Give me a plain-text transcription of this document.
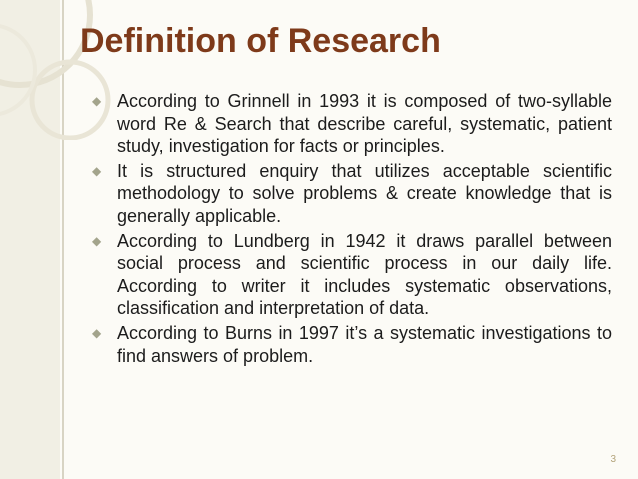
Definition of Research
◆ According to Grinnell in 1993 it is composed of two-syllable word Re & Search that describe careful, systematic, patient study, investigation for facts or principles.
◆ It is structured enquiry that utilizes acceptable scientific methodology to solve problems & create knowledge that is generally applicable.
◆ According to Lundberg in 1942 it draws parallel between social process and scientific process in our daily life. According to writer it includes systematic observations, classification and interpretation of data.
◆ According to Burns in 1997 it’s a systematic investigations to find answers of problem.
3
